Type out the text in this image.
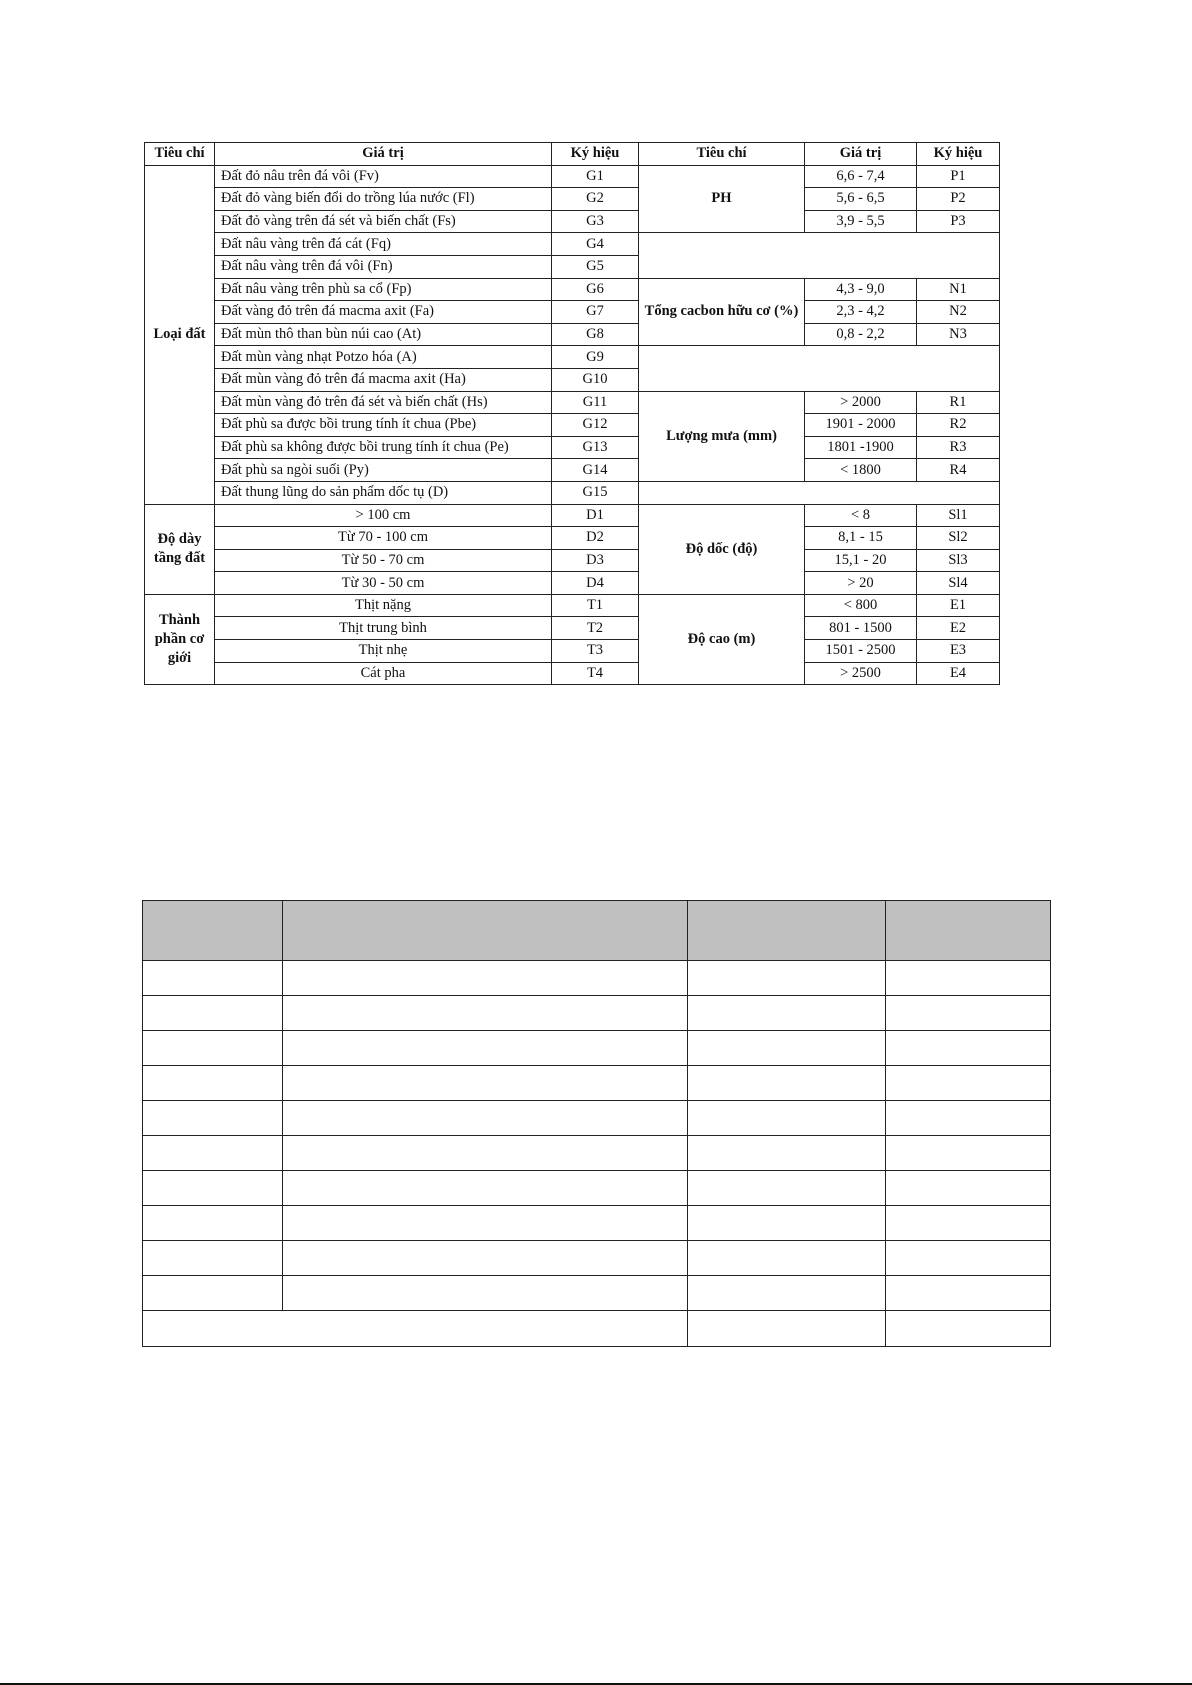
Tiêu chí	Giá trị	Ký hiệu	Tiêu chí	Giá trị	Ký hiệu
Loại đất	Đất đỏ nâu trên đá vôi (Fv)	G1	PH	6,6 - 7,4	P1
	Đất đỏ vàng biến đổi do trồng lúa nước (Fl)	G2		5,6 - 6,5	P2
	Đất đỏ vàng trên đá sét và biến chất (Fs)	G3		3,9 - 5,5	P3
	Đất nâu vàng trên đá cát (Fq)	G4			
	Đất nâu vàng trên đá vôi (Fn)	G5			
	Đất nâu vàng trên phù sa cổ (Fp)	G6	Tổng cacbon hữu cơ (%)	4,3 - 9,0	N1
	Đất vàng đỏ trên đá macma axit (Fa)	G7		2,3 - 4,2	N2
	Đất mùn thô than bùn núi cao (At)	G8		0,8 - 2,2	N3
	Đất mùn vàng nhạt Potzo hóa (A)	G9			
	Đất mùn vàng đỏ trên đá macma axit (Ha)	G10			
	Đất mùn vàng đỏ trên đá sét và biến chất (Hs)	G11	Lượng mưa (mm)	> 2000	R1
	Đất phù sa được bồi trung tính ít chua (Pbe)	G12		1901 - 2000	R2
	Đất phù sa không được bồi trung tính ít chua (Pe)	G13		1801 -1900	R3
	Đất phù sa ngòi suối (Py)	G14		< 1800	R4
	Đất thung lũng do sản phẩm dốc tụ (D)	G15			
Độ dày tầng đất	> 100 cm	D1	Độ dốc (độ)	< 8	Sl1
	Từ 70 - 100 cm	D2		8,1 - 15	Sl2
	Từ 50 - 70 cm	D3		15,1 - 20	Sl3
	Từ 30 - 50 cm	D4		> 20	Sl4
Thành phần cơ giới	Thịt nặng	T1	Độ cao (m)	< 800	E1
	Thịt trung bình	T2		801 - 1500	E2
	Thịt nhẹ	T3		1501 - 2500	E3
	Cát pha	T4		> 2500	E4
